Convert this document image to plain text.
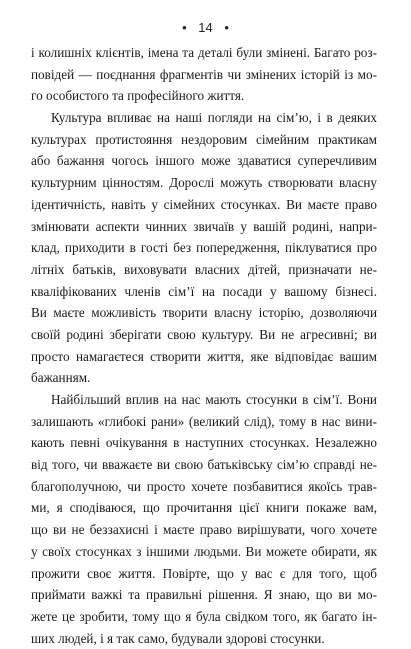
• 14 •
і колишніх клієнтів, імена та деталі були змінені. Багато роз-
повідей — поєднання фрагментів чи змінених історій із мо-
го особистого та професійного життя.
Культура впливає на наші погляди на сім’ю, і в деяких
культурах протистояння нездоровим сімейним практикам
або бажання чогось іншого може здаватися суперечливим
культурним цінностям. Дорослі можуть створювати власну
ідентичність, навіть у сімейних стосунках. Ви маєте право
змінювати аспекти чинних звичаїв у вашій родині, напри-
клад, приходити в гості без попередження, піклуватися про
літніх батьків, виховувати власних дітей, призначати не-
кваліфікованих членів сім’ї на посади у вашому бізнесі.
Ви маєте можливість творити власну історію, дозволяючи
своїй родині зберігати свою культуру. Ви не агресивні; ви
просто намагаєтеся створити життя, яке відповідає вашим
бажанням.
Найбільший вплив на нас мають стосунки в сім’ї. Вони
залишають «глибокі рани» (великий слід), тому в нас вини-
кають певні очікування в наступних стосунках. Незалежно
від того, чи вважаєте ви свою батьківську сім’ю справді не-
благополучною, чи просто хочете позбавитися якоїсь трав-
ми, я сподіваюся, що прочитання цієї книги покаже вам,
що ви не беззахисні і маєте право вирішувати, чого хочете
у своїх стосунках з іншими людьми. Ви можете обирати, як
прожити своє життя. Повірте, що у вас є для того, щоб
приймати важкі та правильні рішення. Я знаю, що ви мо-
жете це зробити, тому що я була свідком того, як багато ін-
ших людей, і я так само, будували здорові стосунки.
